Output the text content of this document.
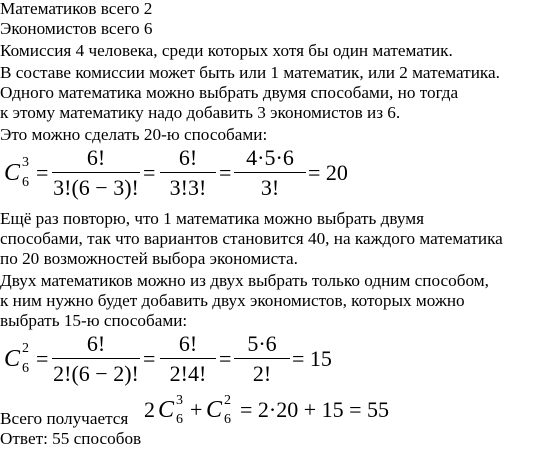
Математиков всего 2
Экономистов всего 6
Комиссия 4 человека, среди которых хотя бы один математик.
В составе комиссии может быть или 1 математик, или 2 математика.
Одного математика можно выбрать двумя способами, но тогда
к этому математику надо добавить 3 экономистов из 6.
Это можно сделать 20-ю способами:
C 3
6 =
6!
3!(6 − 3)!
=
6!
3!3!
=
4·5·6
3!
= 20
Ещё раз повторю, что 1 математика можно выбрать двумя
способами, так что вариантов становится 40, на каждого математика
по 20 возможностей выбора экономиста.
Двух математиков можно из двух выбрать только одним способом,
к ним нужно будет добавить двух экономистов, которых можно
выбрать 15-ю способами:
C 2
6 =
6!
2!(6 − 2)!
=
6!
2!4!
=
5·6
2!
= 15
Всего получается 2 C 3
6 + C 2
6 = 2·20 + 15 = 55
Ответ: 55 способов
